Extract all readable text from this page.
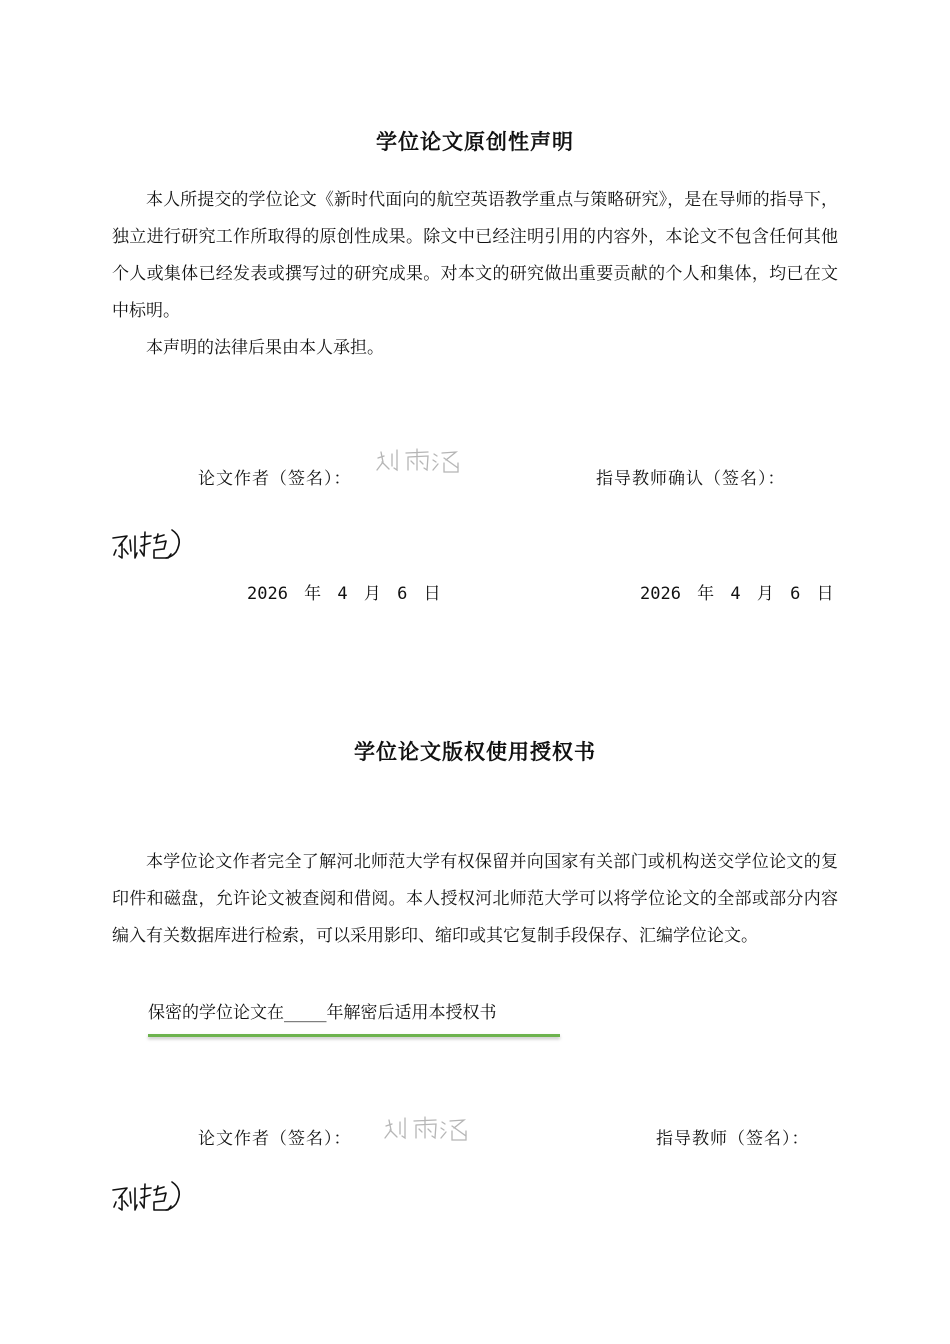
学位论文原创性声明

本人所提交的学位论文《新时代面向的航空英语教学重点与策略研究》，是在导师的指导下，独立进行研究工作所取得的原创性成果。除文中已经注明引用的内容外，本论文不包含任何其他个人或集体已经发表或撰写过的研究成果。对本文的研究做出重要贡献的个人和集体，均已在文中标明。

本声明的法律后果由本人承担。

论文作者（签名）：	指导教师确认（签名）：
2026 年 4 月 6 日	2026 年 4 月 6 日
学位论文版权使用授权书

本学位论文作者完全了解河北师范大学有权保留并向国家有关部门或机构送交学位论文的复印件和磁盘，允许论文被查阅和借阅。本人授权河北师范大学可以将学位论文的全部或部分内容编入有关数据库进行检索，可以采用影印、缩印或其它复制手段保存、汇编学位论文。

保密的学位论文在_____年解密后适用本授权书
论文作者（签名）：	指导教师（签名）：
